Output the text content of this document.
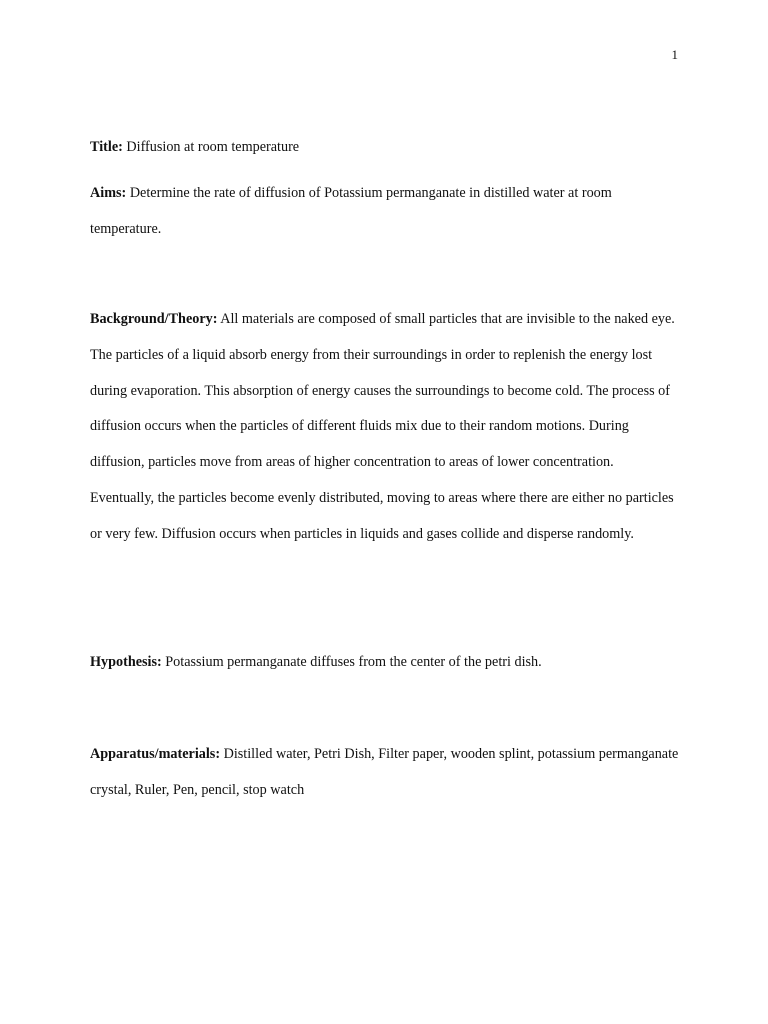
1

Title: Diffusion at room temperature

Aims: Determine the rate of diffusion of Potassium permanganate in distilled water at room temperature.

Background/Theory: All materials are composed of small particles that are invisible to the naked eye. The particles of a liquid absorb energy from their surroundings in order to replenish the energy lost during evaporation. This absorption of energy causes the surroundings to become cold. The process of diffusion occurs when the particles of different fluids mix due to their random motions. During diffusion, particles move from areas of higher concentration to areas of lower concentration. Eventually, the particles become evenly distributed, moving to areas where there are either no particles or very few. Diffusion occurs when particles in liquids and gases collide and disperse randomly.

Hypothesis: Potassium permanganate diffuses from the center of the petri dish.

Apparatus/materials: Distilled water, Petri Dish, Filter paper, wooden splint, potassium permanganate crystal, Ruler, Pen, pencil, stop watch
